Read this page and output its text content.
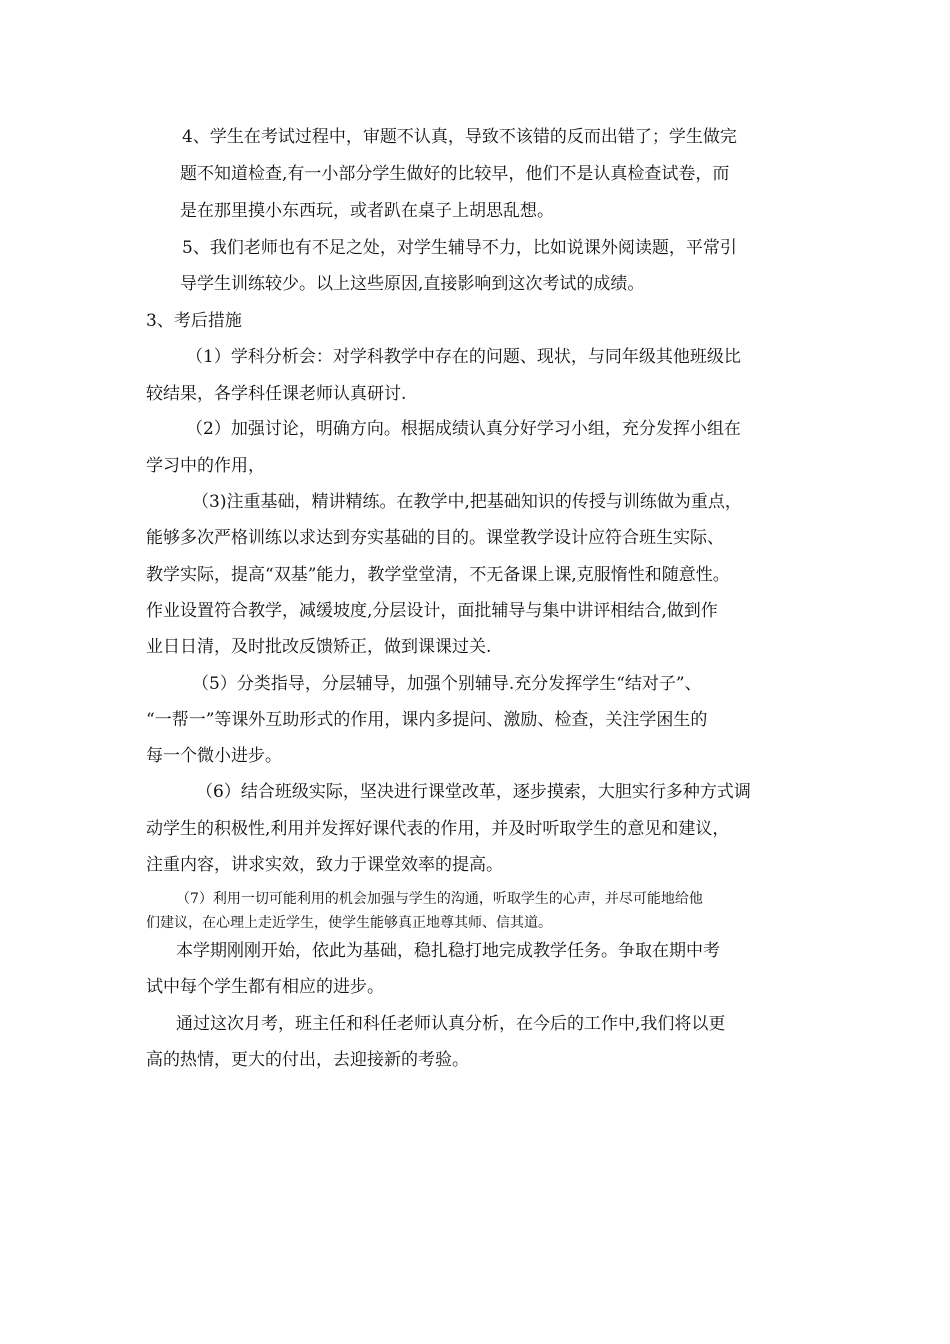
4、学生在考试过程中，审题不认真，导致不该错的反而出错了；学生做完
题不知道检查,有一小部分学生做好的比较早，他们不是认真检查试卷，而
是在那里摸小东西玩，或者趴在桌子上胡思乱想。
5、我们老师也有不足之处，对学生辅导不力，比如说课外阅读题，平常引
导学生训练较少。以上这些原因,直接影响到这次考试的成绩。
3、考后措施
（1）学科分析会：对学科教学中存在的问题、现状，与同年级其他班级比
较结果，各学科任课老师认真研讨.
（2）加强讨论，明确方向。根据成绩认真分好学习小组，充分发挥小组在
学习中的作用，
（3)注重基础，精讲精练。在教学中,把基础知识的传授与训练做为重点，
能够多次严格训练以求达到夯实基础的目的。课堂教学设计应符合班生实际、
教学实际，提高“双基”能力，教学堂堂清，不无备课上课,克服惰性和随意性。
作业设置符合教学，减缓坡度,分层设计，面批辅导与集中讲评相结合,做到作
业日日清，及时批改反馈矫正，做到课课过关.
（5）分类指导，分层辅导，加强个别辅导.充分发挥学生“结对子”、
“一帮一”等课外互助形式的作用，课内多提问、激励、检查，关注学困生的
每一个微小进步。
（6）结合班级实际，坚决进行课堂改革，逐步摸索，大胆实行多种方式调
动学生的积极性,利用并发挥好课代表的作用，并及时听取学生的意见和建议，
注重内容，讲求实效，致力于课堂效率的提高。
（7）利用一切可能利用的机会加强与学生的沟通，听取学生的心声，并尽可能地给他
们建议，在心理上走近学生，使学生能够真正地尊其师、信其道。
本学期刚刚开始，依此为基础，稳扎稳打地完成教学任务。争取在期中考
试中每个学生都有相应的进步。
通过这次月考，班主任和科任老师认真分析，在今后的工作中,我们将以更
高的热情，更大的付出，去迎接新的考验。
